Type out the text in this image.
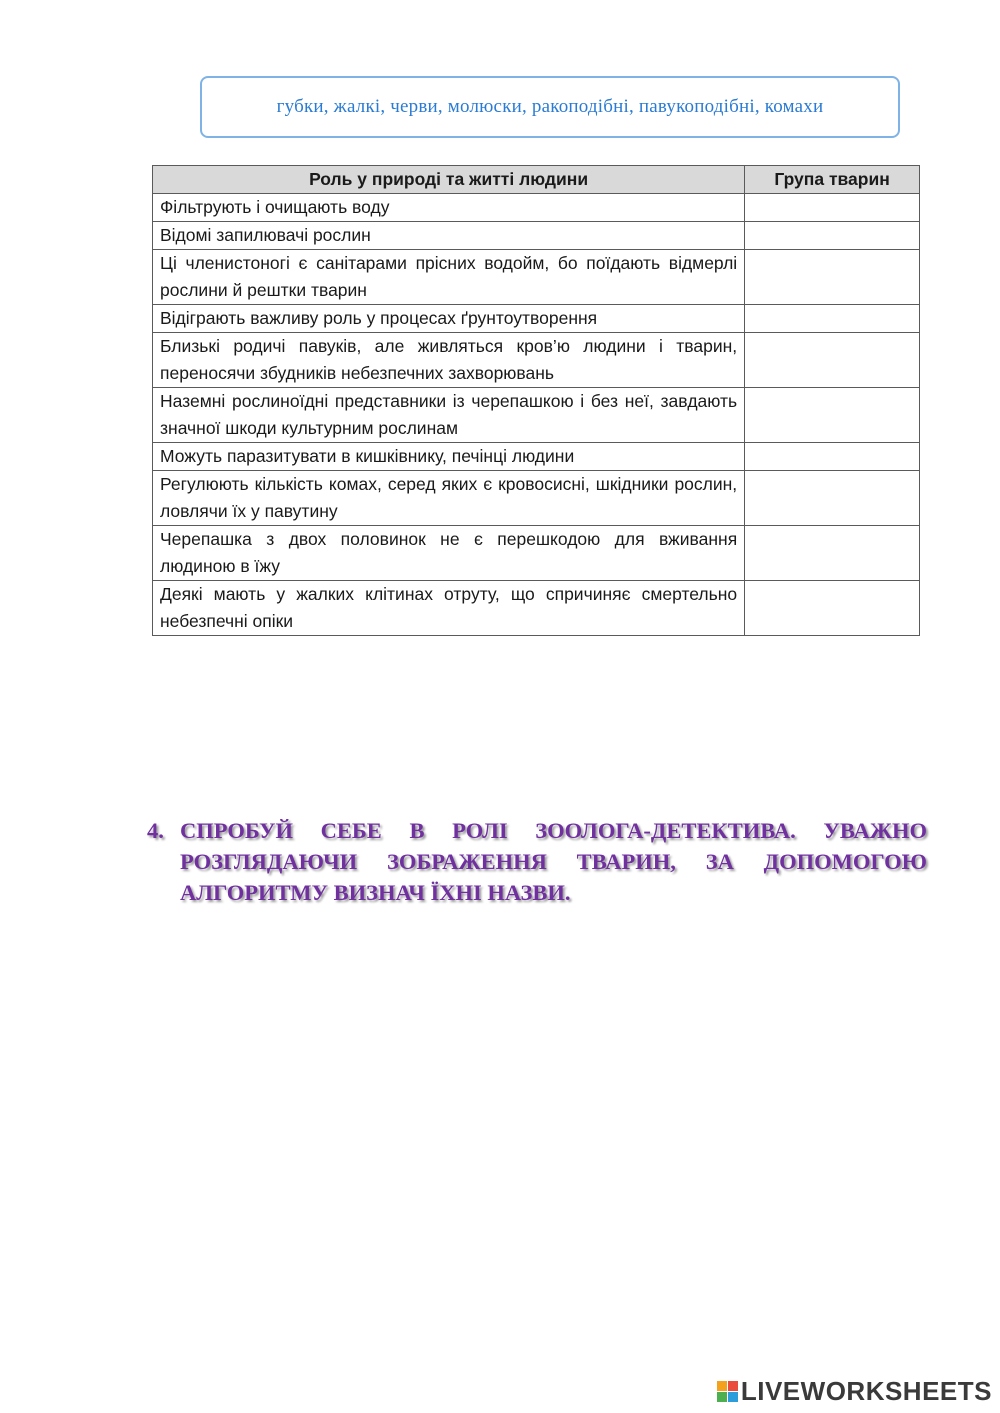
губки, жалкі, черви, молюски, ракоподібні, павукоподібні, комахи
Роль у природі та житті людини	Група тварин
Фільтрують і очищають воду	
Відомі запилювачі рослин	
Ці членистоногі є санітарами прісних водойм, бо поїдають відмерлі рослини й рештки тварин	
Відіграють важливу роль у процесах ґрунтоутворення	
Близькі родичі павуків, але живляться кров’ю людини і тварин, переносячи збудників небезпечних захворювань	
Наземні рослиноїдні представники із черепашкою і без неї, завдають значної шкоди культурним рослинам	
Можуть паразитувати в кишківнику, печінці людини	
Регулюють кількість комах, серед яких є кровосисні, шкідники рослин, ловлячи їх у павутину	
Черепашка з двох половинок не є перешкодою для вживання людиною в їжу	
Деякі мають у жалких клітинах отруту, що спричиняє смертельно небезпечні опіки	
4. СПРОБУЙ СЕБЕ В РОЛІ ЗООЛОГА-ДЕТЕКТИВА. УВАЖНО РОЗГЛЯДАЮЧИ ЗОБРАЖЕННЯ ТВАРИН, ЗА ДОПОМОГОЮ АЛГОРИТМУ ВИЗНАЧ ЇХНІ НАЗВИ.
LIVEWORKSHEETS
